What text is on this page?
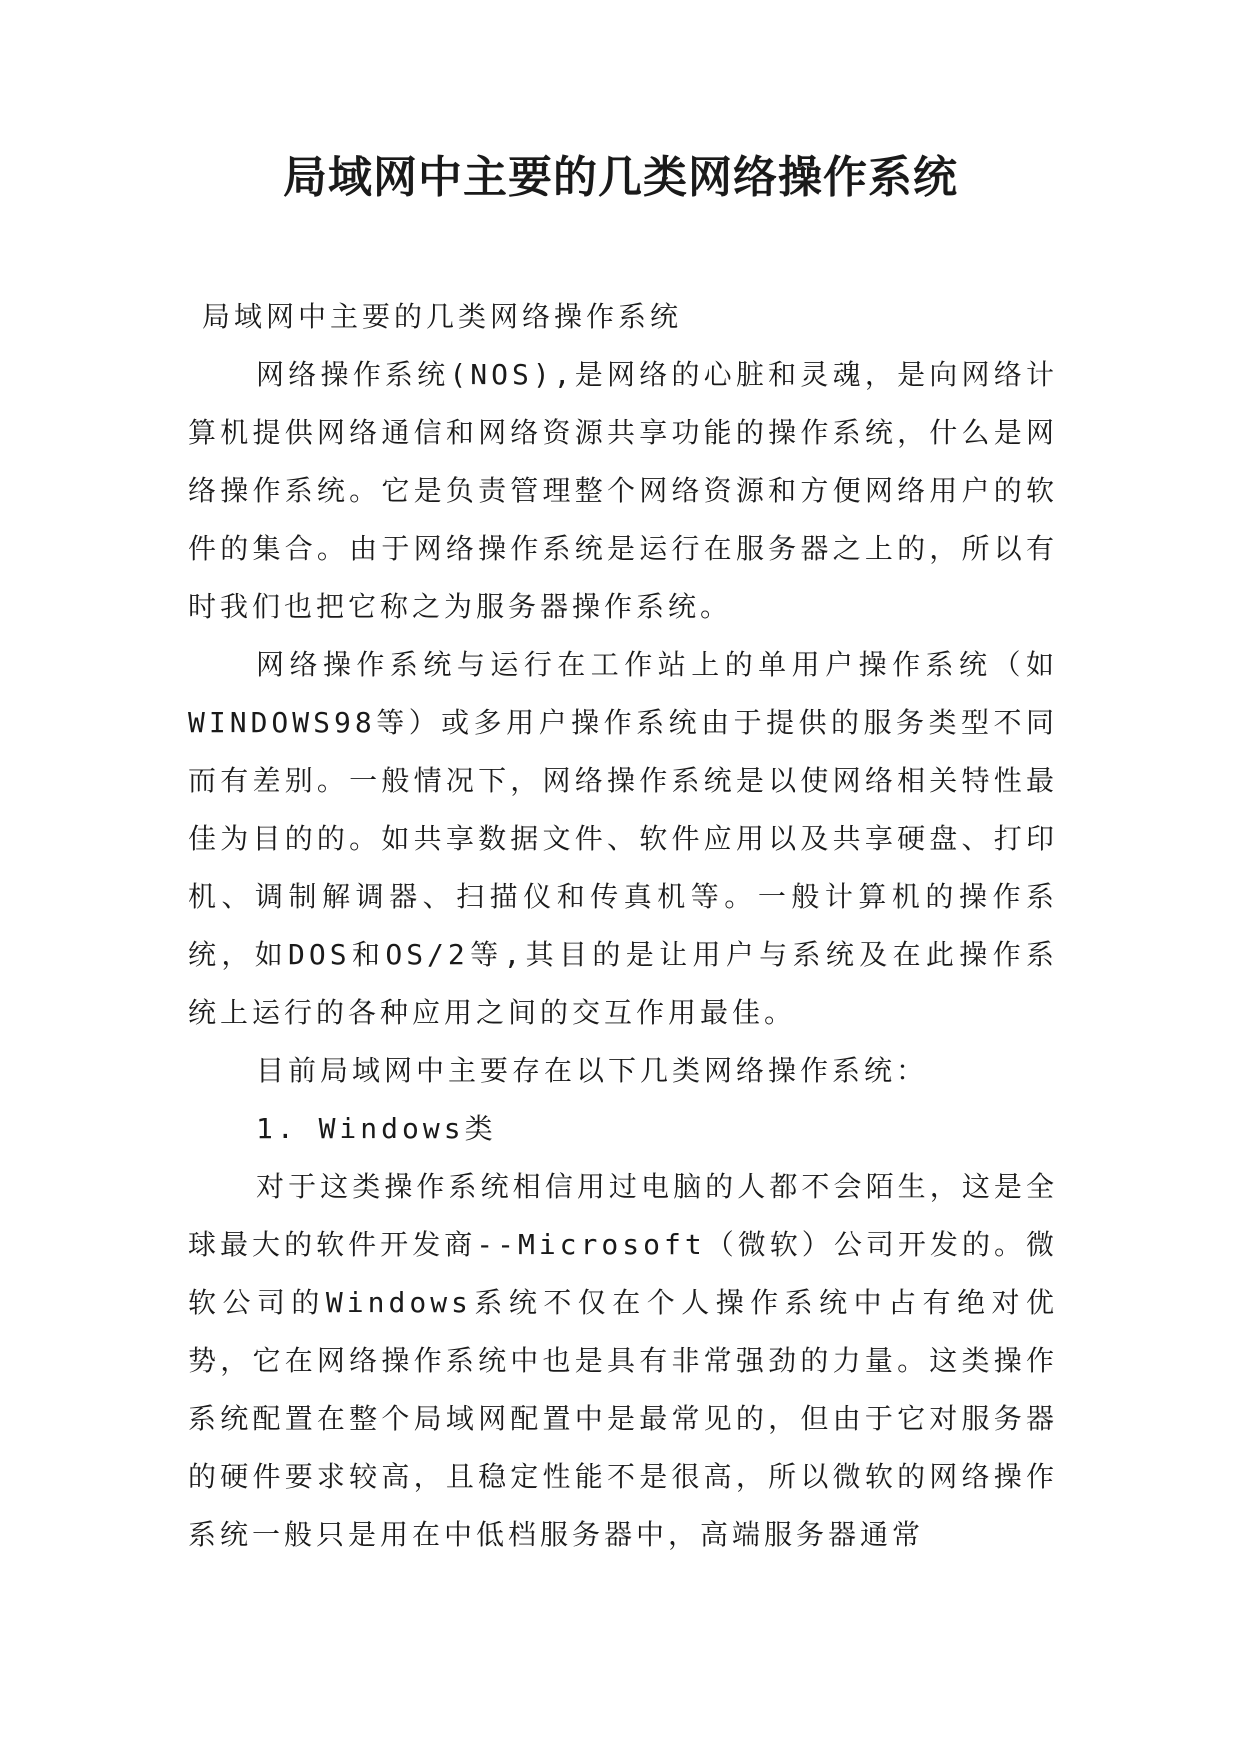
局域网中主要的几类网络操作系统

局域网中主要的几类网络操作系统

网络操作系统(NOS),是网络的心脏和灵魂，是向网络计算机提供网络通信和网络资源共享功能的操作系统，什么是网络操作系统。它是负责管理整个网络资源和方便网络用户的软件的集合。由于网络操作系统是运行在服务器之上的，所以有时我们也把它称之为服务器操作系统。

网络操作系统与运行在工作站上的单用户操作系统（如WINDOWS98等）或多用户操作系统由于提供的服务类型不同而有差别。一般情况下，网络操作系统是以使网络相关特性最佳为目的的。如共享数据文件、软件应用以及共享硬盘、打印机、调制解调器、扫描仪和传真机等。一般计算机的操作系统，如DOS和OS/2等,其目的是让用户与系统及在此操作系统上运行的各种应用之间的交互作用最佳。

目前局域网中主要存在以下几类网络操作系统：

1. Windows类

对于这类操作系统相信用过电脑的人都不会陌生，这是全球最大的软件开发商--Microsoft（微软）公司开发的。微软公司的Windows系统不仅在个人操作系统中占有绝对优势，它在网络操作系统中也是具有非常强劲的力量。这类操作系统配置在整个局域网配置中是最常见的，但由于它对服务器的硬件要求较高，且稳定性能不是很高，所以微软的网络操作系统一般只是用在中低档服务器中，高端服务器通常
